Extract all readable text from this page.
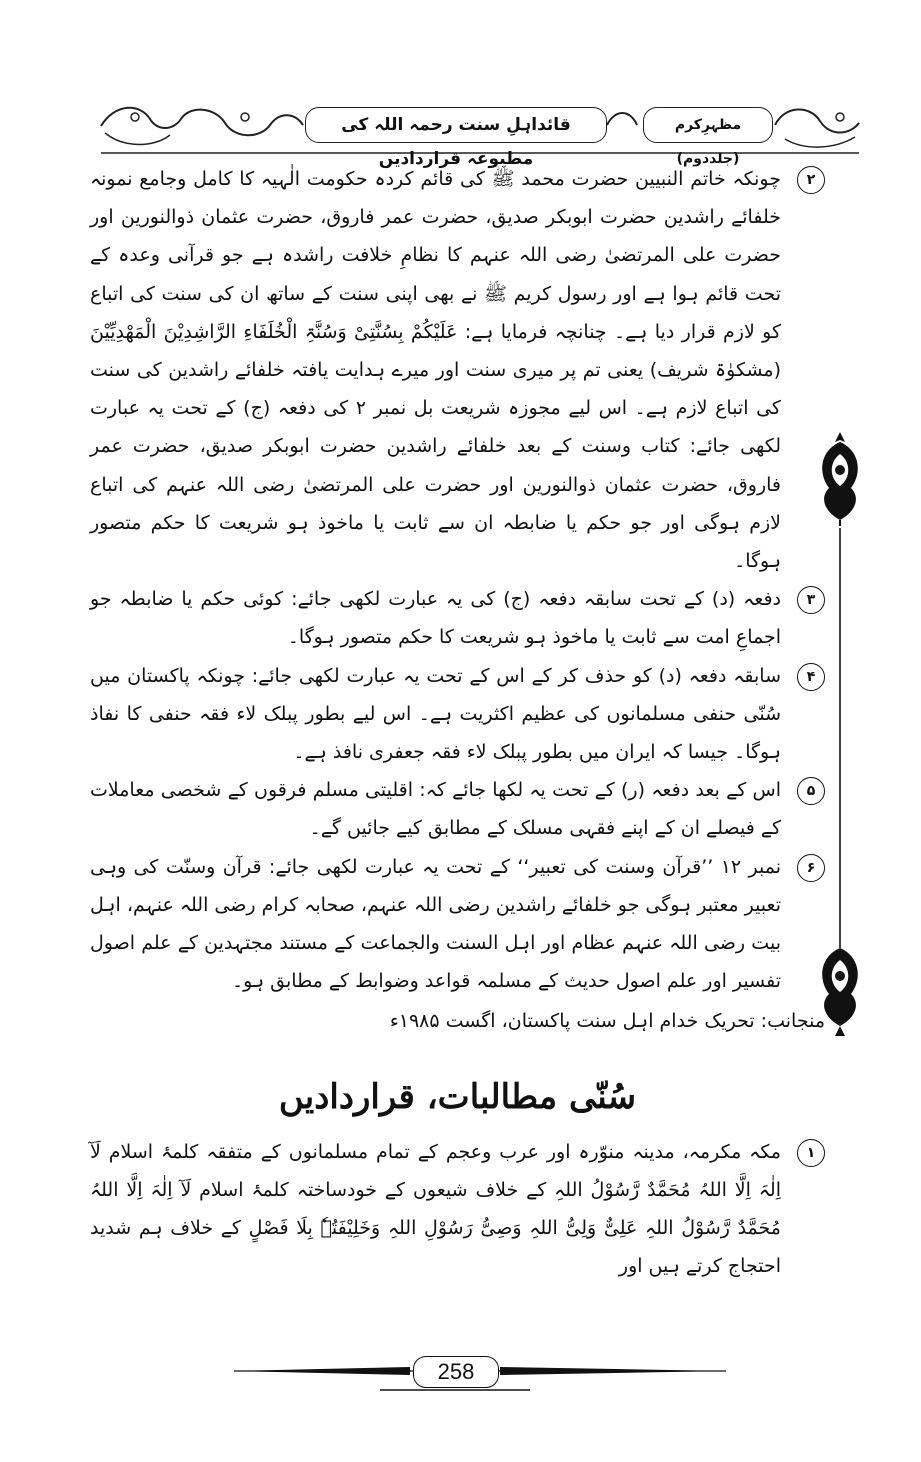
قائداہلِ سنت رحمہ اللہ کی مطبوعہ قراردادیں
مظہرِکرم (جلددوم)
۲
چونکہ خاتم النبیین حضرت محمد ﷺ کی قائم کردہ حکومت الٰہیہ کا کامل وجامع نمونہ خلفائے راشدین حضرت ابوبکر صدیق، حضرت عمر فاروق، حضرت عثمان ذوالنورین اور حضرت علی المرتضیٰ رضی اللہ عنہم کا نظامِ خلافت راشدہ ہے جو قرآنی وعدہ کے تحت قائم ہوا ہے اور رسول کریم ﷺ نے بھی اپنی سنت کے ساتھ ان کی سنت کی اتباع کو لازم قرار دیا ہے۔ چنانچہ فرمایا ہے: عَلَیْکُمْ بِسُنَّتِیْ وَسُنَّۃِ الْخُلَفَاءِ الرَّاشِدِیْنَ الْمَھْدِیِّیْنَ (مشکوٰۃ شریف) یعنی تم پر میری سنت اور میرے ہدایت یافتہ خلفائے راشدین کی سنت کی اتباع لازم ہے۔ اس لیے مجوزہ شریعت بل نمبر ۲ کی دفعہ (ج) کے تحت یہ عبارت لکھی جائے: کتاب وسنت کے بعد خلفائے راشدین حضرت ابوبکر صدیق، حضرت عمر فاروق، حضرت عثمان ذوالنورین اور حضرت علی المرتضیٰ رضی اللہ عنہم کی اتباع لازم ہوگی اور جو حکم یا ضابطہ ان سے ثابت یا ماخوذ ہو شریعت کا حکم متصور ہوگا۔
۳
دفعہ (د) کے تحت سابقہ دفعہ (ج) کی یہ عبارت لکھی جائے: کوئی حکم یا ضابطہ جو اجماعِ امت سے ثابت یا ماخوذ ہو شریعت کا حکم متصور ہوگا۔
۴
سابقہ دفعہ (د) کو حذف کر کے اس کے تحت یہ عبارت لکھی جائے: چونکہ پاکستان میں سُنّی حنفی مسلمانوں کی عظیم اکثریت ہے۔ اس لیے بطور پبلک لاء فقہ حنفی کا نفاذ ہوگا۔ جیسا کہ ایران میں بطور پبلک لاء فقہ جعفری نافذ ہے۔
۵
اس کے بعد دفعہ (ر) کے تحت یہ لکھا جائے کہ: اقلیتی مسلم فرقوں کے شخصی معاملات کے فیصلے ان کے اپنے فقہی مسلک کے مطابق کیے جائیں گے۔
۶
نمبر ۱۲ ’’قرآن وسنت کی تعبیر‘‘ کے تحت یہ عبارت لکھی جائے: قرآن وسنّت کی وہی تعبیر معتبر ہوگی جو خلفائے راشدین رضی اللہ عنہم، صحابہ کرام رضی اللہ عنہم، اہل بیت رضی اللہ عنہم عظام اور اہل السنت والجماعت کے مستند مجتہدین کے علم اصول تفسیر اور علم اصول حدیث کے مسلمہ قواعد وضوابط کے مطابق ہو۔
منجانب: تحریک خدام اہل سنت پاکستان، اگست ۱۹۸۵ء
سُنّی مطالبات، قراردادیں
۱
مکہ مکرمہ، مدینہ منوّرہ اور عرب وعجم کے تمام مسلمانوں کے متفقہ کلمۂ اسلام لَآ اِلٰہَ اِلَّا اللہُ مُحَمَّدٌ رَّسُوْلُ اللہِ کے خلاف شیعوں کے خودساختہ کلمۂ اسلام لَآ اِلٰہَ اِلَّا اللہُ مُحَمَّدٌ رَّسُوْلُ اللہِ عَلِیٌّ وَلِیُّ اللہِ وَصِیُّ رَسُوْلِ اللہِ وَخَلِیْفَتُہٗ بِلَا فَصْلٍ کے خلاف ہم شدید احتجاج کرتے ہیں اور
258
